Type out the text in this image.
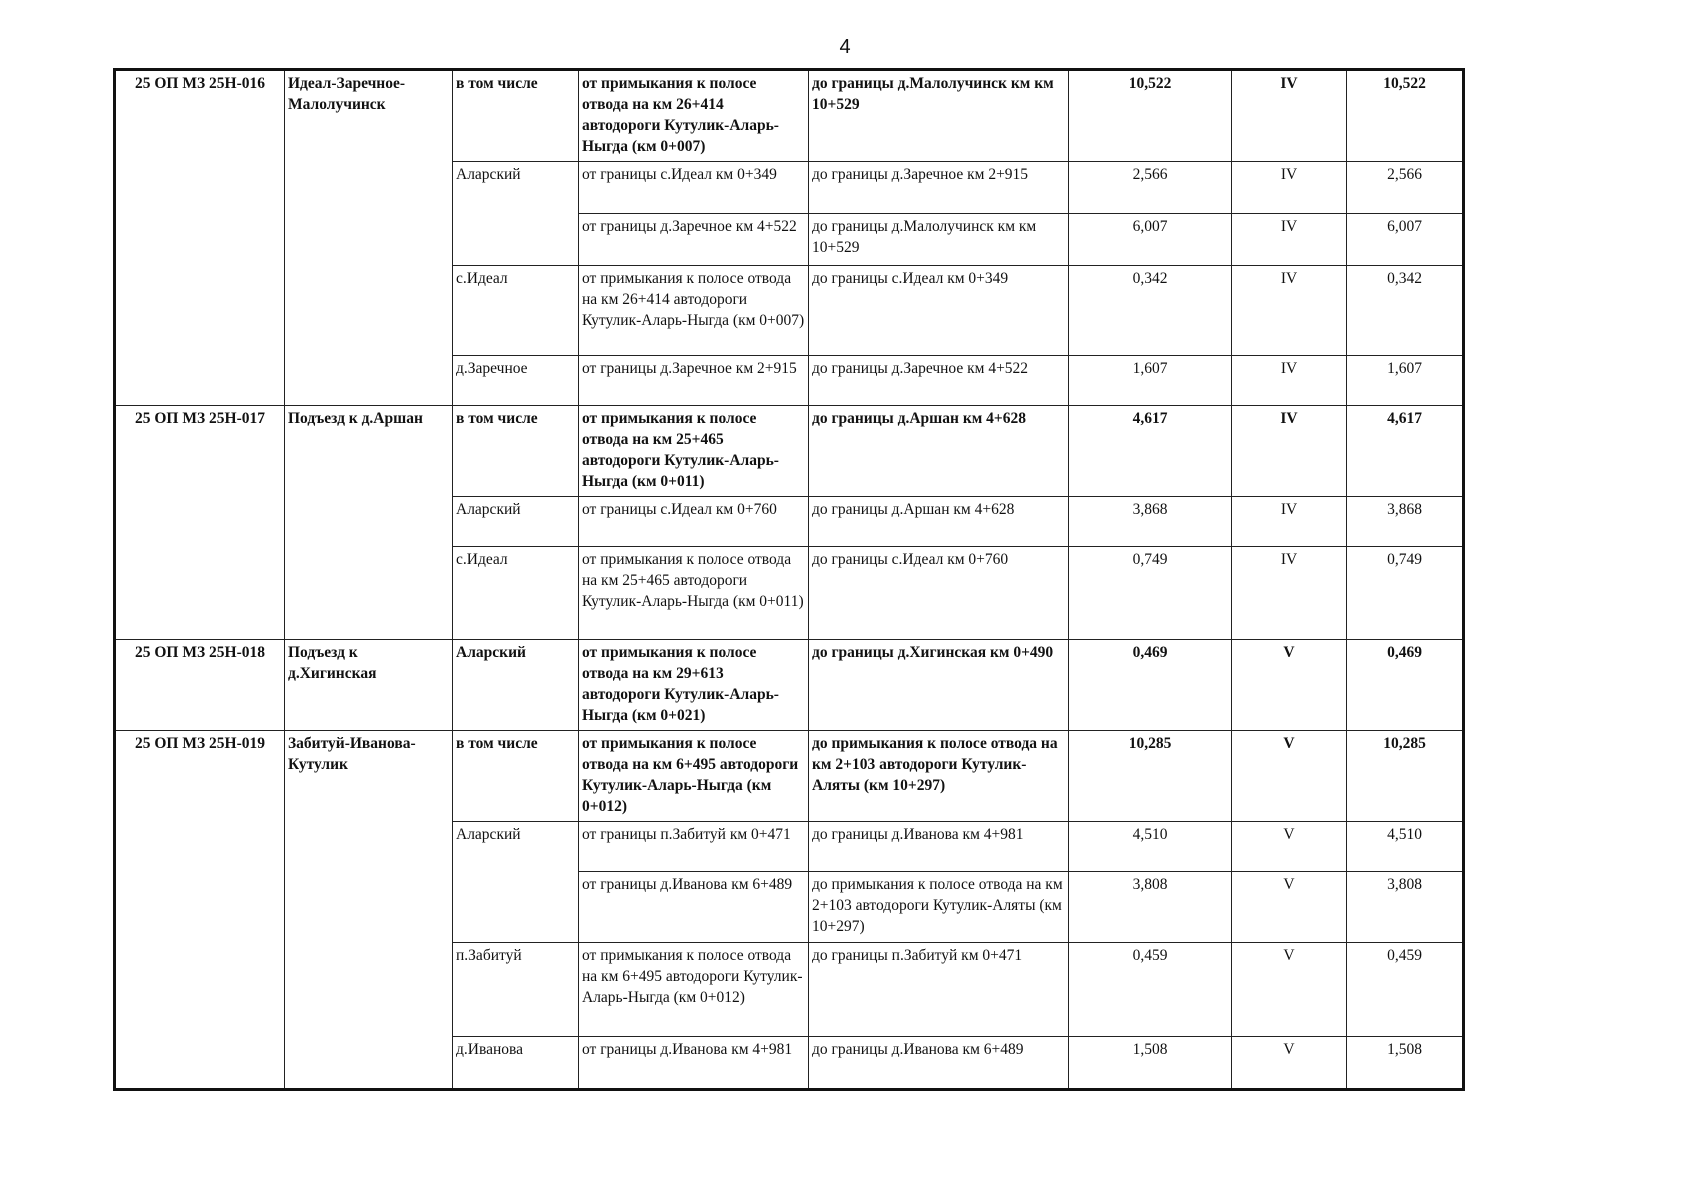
4
25 ОП МЗ 25Н-016	Идеал-Заречное-Малолучинск	в том числе	от примыкания к полосе отвода на км 26+414 автодороги Кутулик-Аларь-Ныгда (км 0+007)	до границы д.Малолучинск км км 10+529	10,522	IV	10,522
		Аларский	от границы с.Идеал км 0+349	до границы д.Заречное км 2+915	2,566	IV	2,566
			от границы д.Заречное км 4+522	до границы д.Малолучинск км км 10+529	6,007	IV	6,007
		с.Идеал	от примыкания к полосе отвода на км 26+414 автодороги Кутулик-Аларь-Ныгда (км 0+007)	до границы с.Идеал км 0+349	0,342	IV	0,342
		д.Заречное	от границы д.Заречное км 2+915	до границы д.Заречное км 4+522	1,607	IV	1,607
25 ОП МЗ 25Н-017	Подъезд к д.Аршан	в том числе	от примыкания к полосе отвода на км 25+465 автодороги Кутулик-Аларь-Ныгда (км 0+011)	до границы д.Аршан км 4+628	4,617	IV	4,617
		Аларский	от границы с.Идеал км 0+760	до границы д.Аршан км 4+628	3,868	IV	3,868
		с.Идеал	от примыкания к полосе отвода на км 25+465 автодороги Кутулик-Аларь-Ныгда (км 0+011)	до границы с.Идеал км 0+760	0,749	IV	0,749
25 ОП МЗ 25Н-018	Подъезд к д.Хигинская	Аларский	от примыкания к полосе отвода на км 29+613 автодороги Кутулик-Аларь-Ныгда (км 0+021)	до границы д.Хигинская км 0+490	0,469	V	0,469
25 ОП МЗ 25Н-019	Забитуй-Иванова-Кутулик	в том числе	от примыкания к полосе отвода на км 6+495 автодороги Кутулик-Аларь-Ныгда (км 0+012)	до примыкания к полосе отвода на км 2+103 автодороги Кутулик-Аляты (км 10+297)	10,285	V	10,285
		Аларский	от границы п.Забитуй км 0+471	до границы д.Иванова км 4+981	4,510	V	4,510
			от границы д.Иванова км 6+489	до примыкания к полосе отвода на км 2+103 автодороги Кутулик-Аляты (км 10+297)	3,808	V	3,808
		п.Забитуй	от примыкания к полосе отвода на км 6+495 автодороги Кутулик-Аларь-Ныгда (км 0+012)	до границы п.Забитуй км 0+471	0,459	V	0,459
		д.Иванова	от границы д.Иванова км 4+981	до границы д.Иванова км 6+489	1,508	V	1,508
